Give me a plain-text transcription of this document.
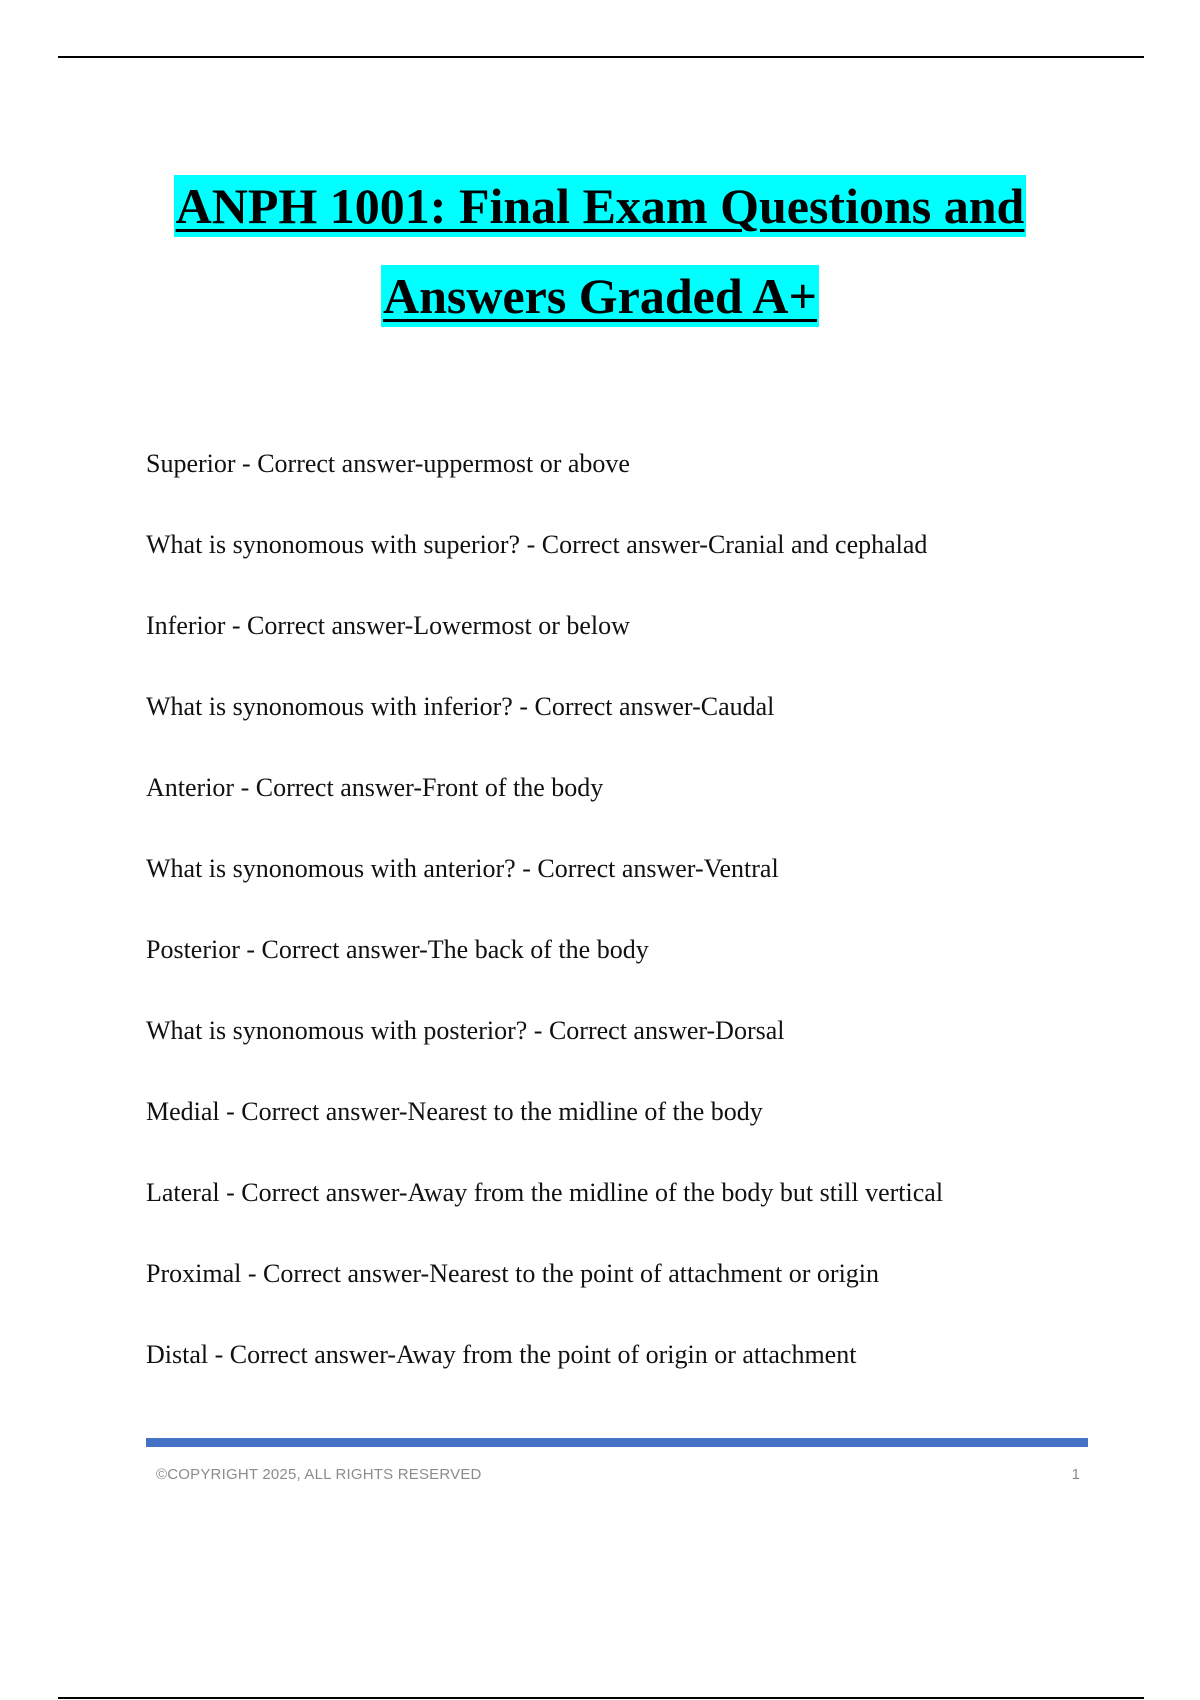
ANPH 1001: Final Exam Questions and
Answers Graded A+
Superior - Correct answer-uppermost or above
What is synonomous with superior? - Correct answer-Cranial and cephalad
Inferior - Correct answer-Lowermost or below
What is synonomous with inferior? - Correct answer-Caudal
Anterior - Correct answer-Front of the body
What is synonomous with anterior? - Correct answer-Ventral
Posterior - Correct answer-The back of the body
What is synonomous with posterior? - Correct answer-Dorsal
Medial - Correct answer-Nearest to the midline of the body
Lateral - Correct answer-Away from the midline of the body but still vertical
Proximal - Correct answer-Nearest to the point of attachment or origin
Distal - Correct answer-Away from the point of origin or attachment
©COPYRIGHT 2025, ALL RIGHTS RESERVED	1
